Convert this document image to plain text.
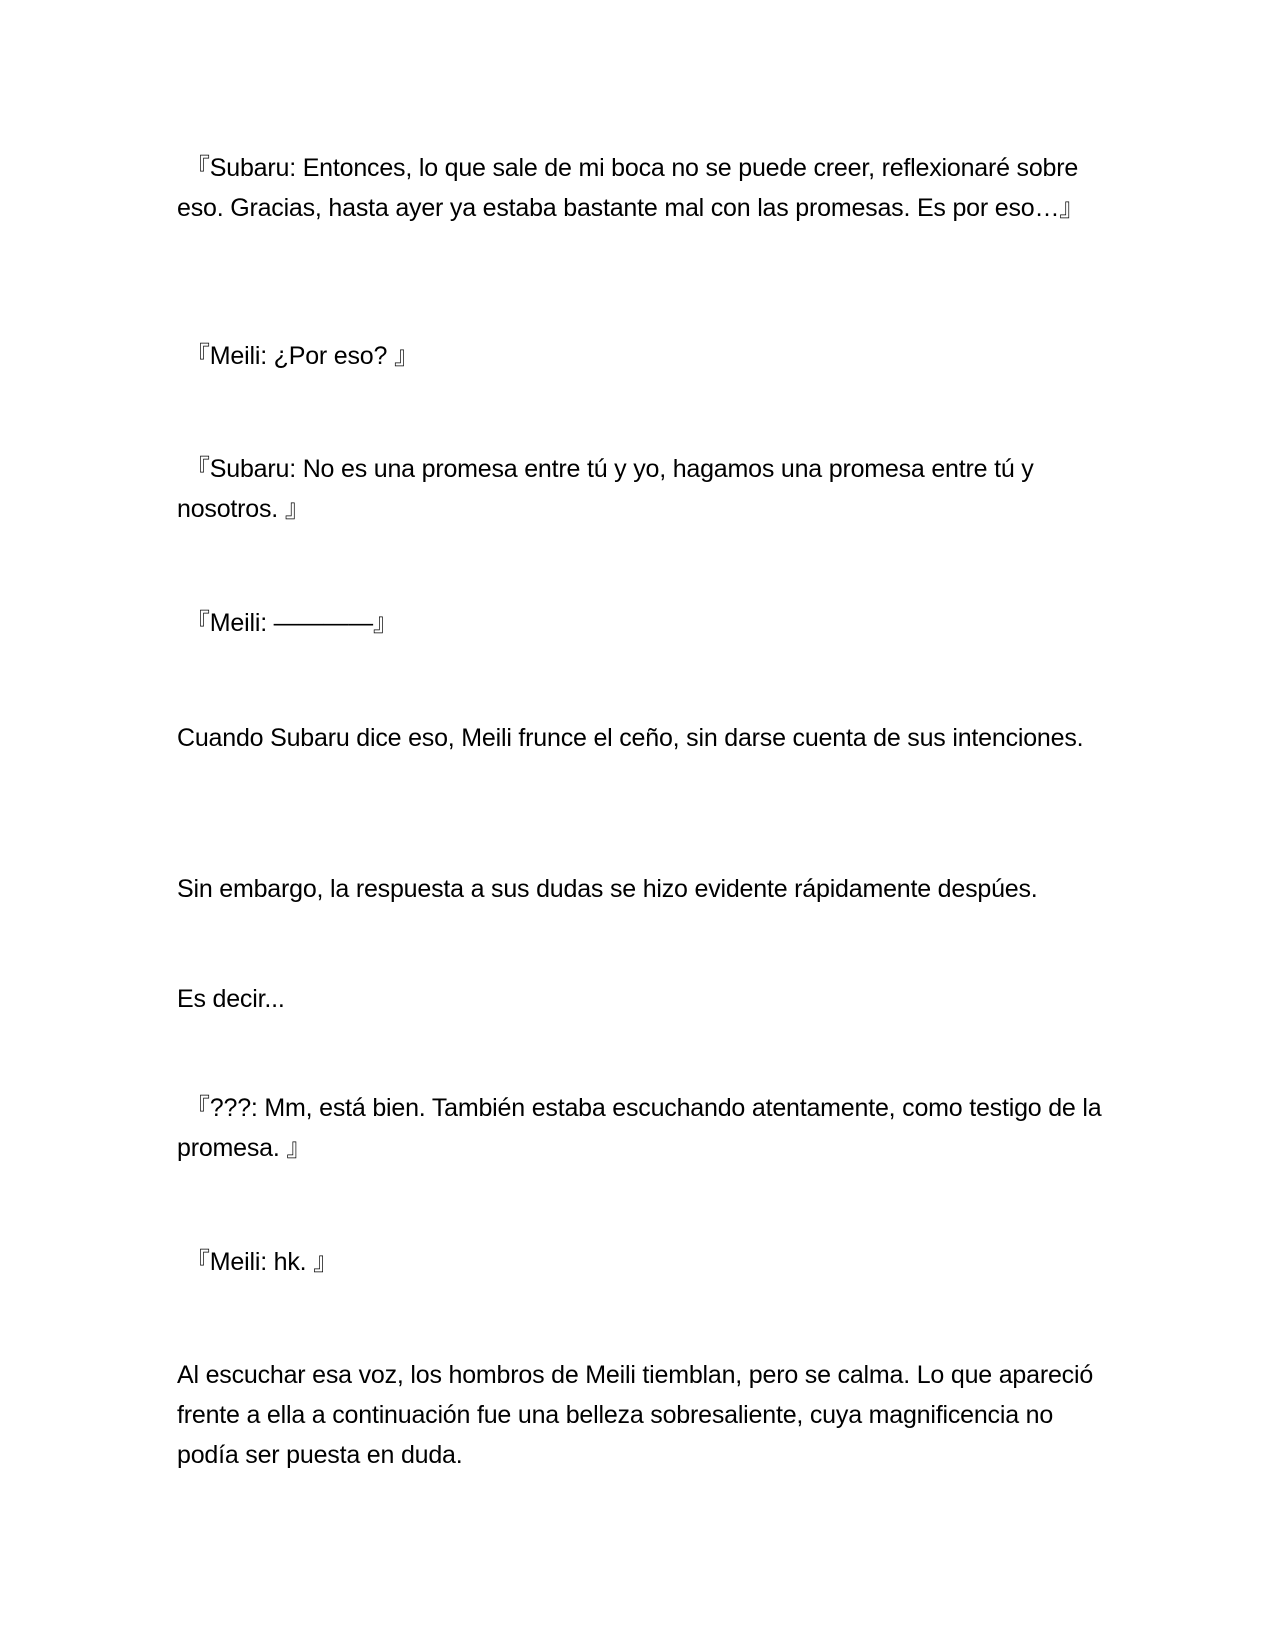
『Subaru: Entonces, lo que sale de mi boca no se puede creer, reflexionaré sobre eso. Gracias, hasta ayer ya estaba bastante mal con las promesas. Es por eso…』

『Meili: ¿Por eso? 』

『Subaru: No es una promesa entre tú y yo, hagamos una promesa entre tú y nosotros. 』

『Meili: ————』

Cuando Subaru dice eso, Meili frunce el ceño, sin darse cuenta de sus intenciones.

Sin embargo, la respuesta a sus dudas se hizo evidente rápidamente despúes.

Es decir...

『???: Mm, está bien. También estaba escuchando atentamente, como testigo de la promesa. 』

『Meili: hk. 』

Al escuchar esa voz, los hombros de Meili tiemblan, pero se calma. Lo que apareció frente a ella a continuación fue una belleza sobresaliente, cuya magnificencia no podía ser puesta en duda.
